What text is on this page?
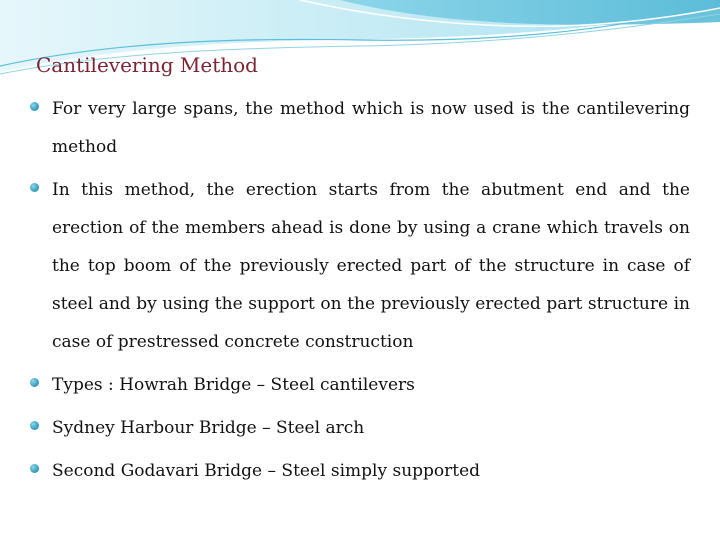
Cantilevering Method
For very large spans, the method which is now used is the cantilevering method
In this method, the erection starts from the abutment end and the erection of the members ahead is done by using a crane which travels on the top boom of the previously erected part of the structure in case of steel and by using the support on the previously erected part structure in case of prestressed concrete construction
Types : Howrah Bridge – Steel cantilevers
Sydney Harbour Bridge – Steel arch
Second Godavari Bridge – Steel simply supported
